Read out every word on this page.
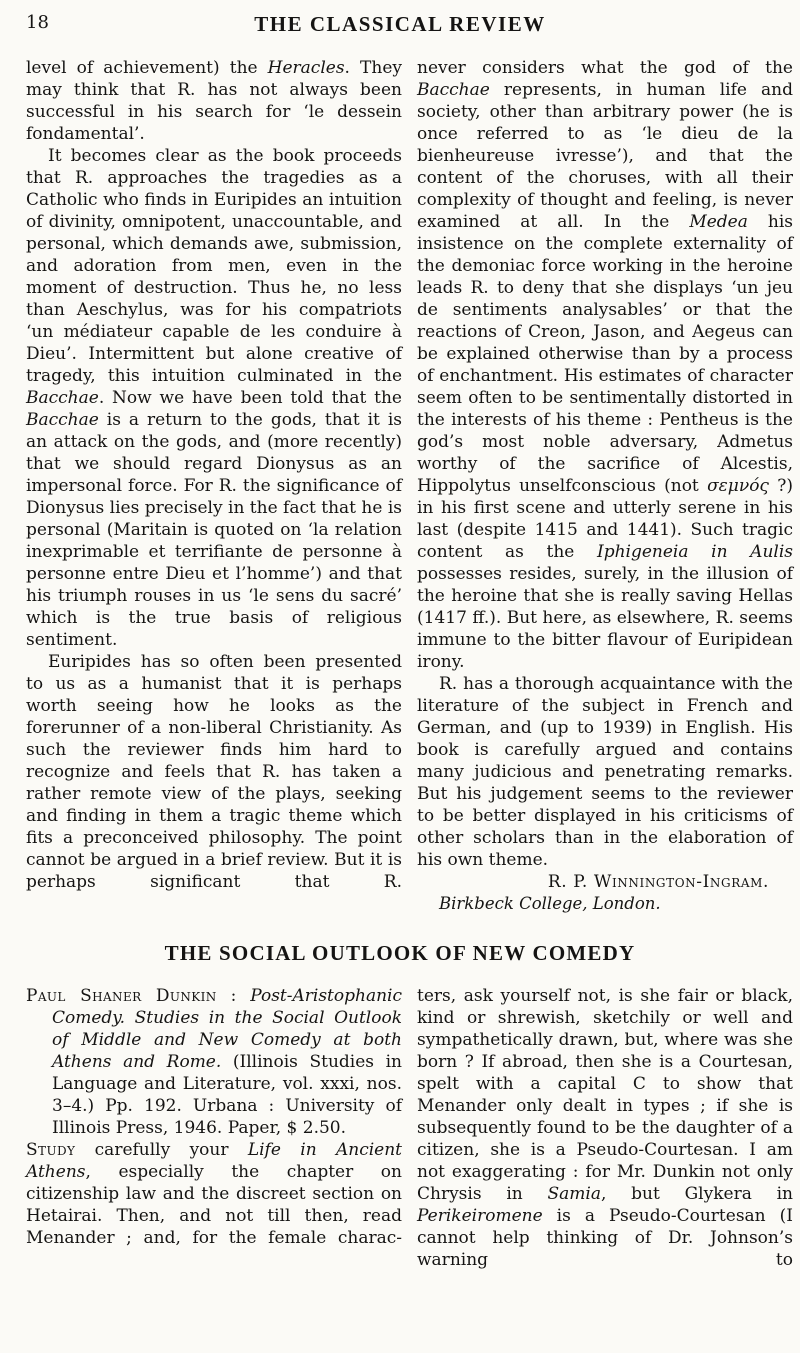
18	THE CLASSICAL REVIEW

level of achievement) the Heracles. They may think that R. has not always been successful in his search for ‘le dessein fondamental’.

It becomes clear as the book proceeds that R. approaches the tragedies as a Catholic who finds in Euripides an intuition of divinity, omnipotent, unaccountable, and personal, which demands awe, submission, and adoration from men, even in the moment of destruction. Thus he, no less than Aeschylus, was for his compatriots ‘un médiateur capable de les conduire à Dieu’. Intermittent but alone creative of tragedy, this intuition culminated in the Bacchae. Now we have been told that the Bacchae is a return to the gods, that it is an attack on the gods, and (more recently) that we should regard Dionysus as an impersonal force. For R. the significance of Dionysus lies precisely in the fact that he is personal (Maritain is quoted on ‘la relation inexprimable et terrifiante de personne à personne entre Dieu et l’homme’) and that his triumph rouses in us ‘le sens du sacré’ which is the true basis of religious sentiment.

Euripides has so often been presented to us as a humanist that it is perhaps worth seeing how he looks as the forerunner of a non-liberal Christianity. As such the reviewer finds him hard to recognize and feels that R. has taken a rather remote view of the plays, seeking and finding in them a tragic theme which fits a preconceived philosophy. The point cannot be argued in a brief review. But it is perhaps significant that R.

never considers what the god of the Bacchae represents, in human life and society, other than arbitrary power (he is once referred to as ‘le dieu de la bienheureuse ivresse’), and that the content of the choruses, with all their complexity of thought and feeling, is never examined at all. In the Medea his insistence on the complete externality of the demoniac force working in the heroine leads R. to deny that she displays ‘un jeu de sentiments analysables’ or that the reactions of Creon, Jason, and Aegeus can be explained otherwise than by a process of enchantment. His estimates of character seem often to be sentimentally distorted in the interests of his theme : Pentheus is the god’s most noble adversary, Admetus worthy of the sacrifice of Alcestis, Hippolytus unselfconscious (not σεμνός ?) in his first scene and utterly serene in his last (despite 1415 and 1441). Such tragic content as the Iphigeneia in Aulis possesses resides, surely, in the illusion of the heroine that she is really saving Hellas (1417 ff.). But here, as elsewhere, R. seems immune to the bitter flavour of Euripidean irony.

R. has a thorough acquaintance with the literature of the subject in French and German, and (up to 1939) in English. His book is carefully argued and contains many judicious and penetrating remarks. But his judgement seems to the reviewer to be better displayed in his criticisms of other scholars than in the elaboration of his own theme.

R. P. Winnington-Ingram.

Birkbeck College, London.

THE SOCIAL OUTLOOK OF NEW COMEDY

Paul Shaner Dunkin : Post-Aristophanic Comedy. Studies in the Social Outlook of Middle and New Comedy at both Athens and Rome. (Illinois Studies in Language and Literature, vol. xxxi, nos. 3–4.) Pp. 192. Urbana : University of Illinois Press, 1946. Paper, $ 2.50.

Study carefully your Life in Ancient Athens, especially the chapter on citizenship law and the discreet section on Hetairai. Then, and not till then, read Menander ; and, for the female charac-

ters, ask yourself not, is she fair or black, kind or shrewish, sketchily or well and sympathetically drawn, but, where was she born ? If abroad, then she is a Courtesan, spelt with a capital C to show that Menander only dealt in types ; if she is subsequently found to be the daughter of a citizen, she is a Pseudo-Courtesan. I am not exaggerating : for Mr. Dunkin not only Chrysis in Samia, but Glykera in Perikeiromene is a Pseudo-Courtesan (I cannot help thinking of Dr. Johnson’s warning to
